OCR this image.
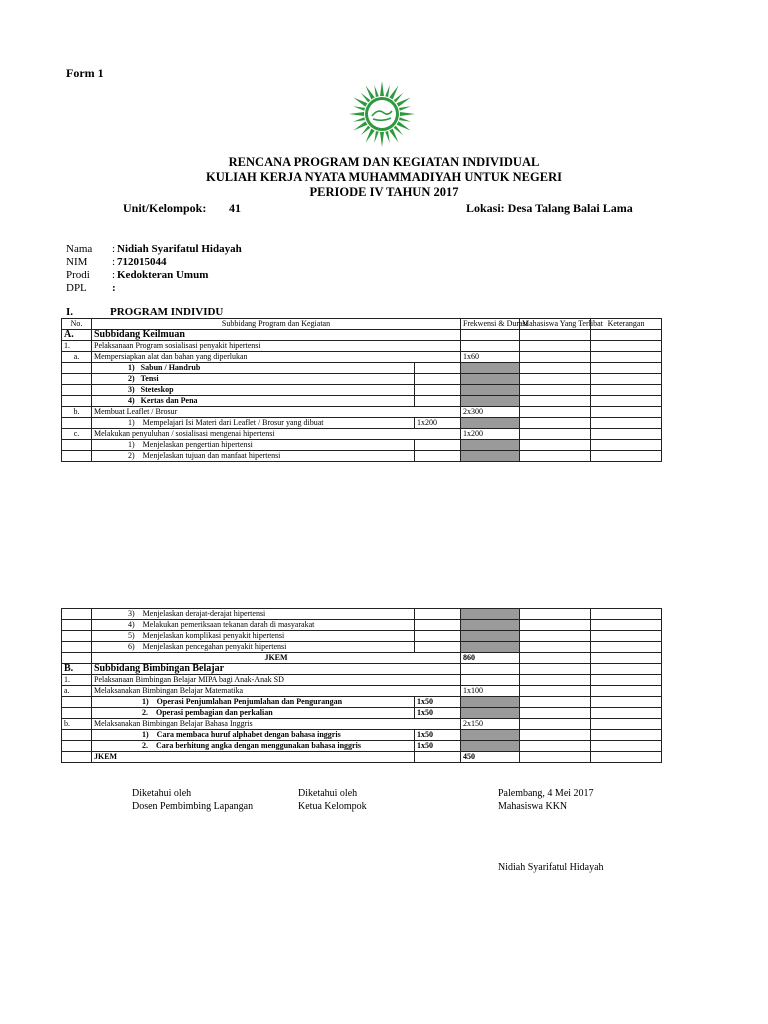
Form 1
RENCANA PROGRAM DAN KEGIATAN INDIVIDUAL
KULIAH KERJA NYATA MUHAMMADIYAH UNTUK NEGERI
PERIODE IV TAHUN 2017
Unit/Kelompok: 41	Lokasi: Desa Talang Balai Lama
Nama : Nidiah Syarifatul Hidayah
NIM : 712015044
Prodi : Kedokteran Umum
DPL :
I.	PROGRAM INDIVIDU
No.	Subbidang Program dan Kegiatan		Frekwensi & Durasi	Mahasiswa Yang Terlibat	Keterangan
A.	Subbidang Keilmuan				
1.	Pelaksanaan Program sosialisasi penyakit hipertensi				
a.	Mempersiapkan alat dan bahan yang diperlukan		1x60		
	1) Sabun / Handrub				
	2) Tensi				
	3) Steteskop				
	4) Kertas dan Pena				
b.	Membuat Leaflet / Brosur		2x300		
	1) Mempelajari Isi Materi dari Leaflet / Brosur yang dibuat	1x200			
c.	Melakukan penyuluhan / sosialisasi mengenai hipertensi		1x200		
	1) Menjelaskan pengertian hipertensi				
	2) Menjelaskan tujuan dan manfaat hipertensi				
	3) Menjelaskan derajat-derajat hipertensi				
	4) Melakukan pemeriksaan tekanan darah di masyarakat				
	5) Menjelaskan komplikasi penyakit hipertensi				
	6) Menjelaskan pencegahan penyakit hipertensi				
	JKEM		860		
B.	Subbidang Bimbingan Belajar				
1.	Pelaksanaan Bimbingan Belajar MIPA bagi Anak-Anak SD				
a.	Melaksanakan Bimbingan Belajar Matematika		1x100		
	1) Operasi Penjumlahan Penjumlahan dan Pengurangan	1x50			
	2. Operasi pembagian dan perkalian	1x50			
b.	Melaksanakan Bimbingan Belajar Bahasa Inggris		2x150		
	1) Cara membaca huruf alphabet dengan bahasa inggris	1x50			
	2. Cara berhitung angka dengan menggunakan bahasa inggris	1x50			
	JKEM		450		
Diketahui oleh
Dosen Pembimbing Lapangan
Diketahui oleh
Ketua Kelompok
Palembang, 4 Mei 2017
Mahasiswa KKN
Nidiah Syarifatul Hidayah
